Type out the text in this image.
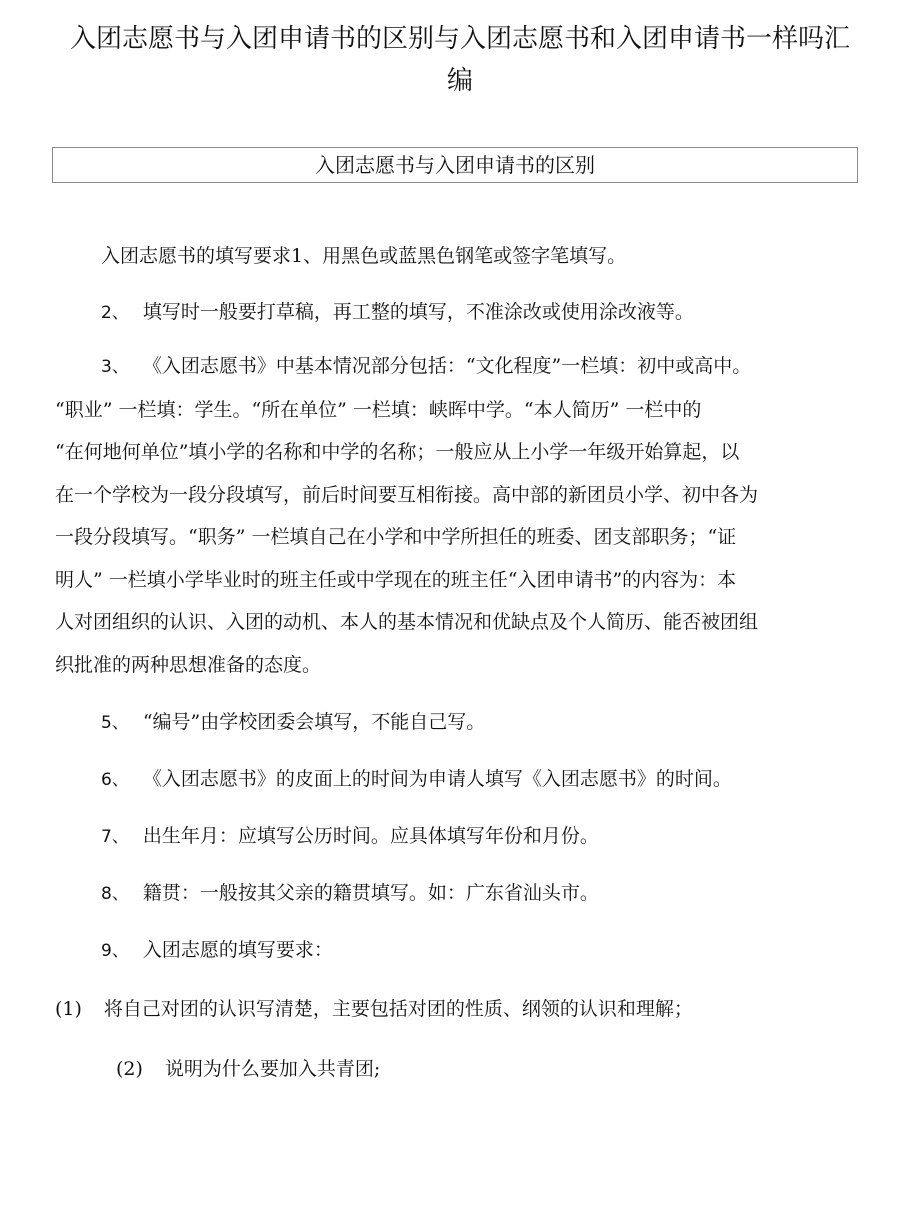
入团志愿书与入团申请书的区别与入团志愿书和入团申请书一样吗汇
编
入团志愿书与入团申请书的区别
入团志愿书的填写要求1、用黑色或蓝黑色钢笔或签字笔填写。
2、 填写时一般要打草稿，再工整的填写，不准涂改或使用涂改液等。
3、 《入团志愿书》中基本情况部分包括：“文化程度”一栏填：初中或高中。
“职业” 一栏填：学生。“所在单位” 一栏填：峡晖中学。“本人简历” 一栏中的
“在何地何单位”填小学的名称和中学的名称；一般应从上小学一年级开始算起，以
在一个学校为一段分段填写，前后时间要互相衔接。高中部的新团员小学、初中各为
一段分段填写。“职务” 一栏填自己在小学和中学所担任的班委、团支部职务；“证
明人” 一栏填小学毕业时的班主任或中学现在的班主任“入团申请书”的内容为：本
人对团组织的认识、入团的动机、本人的基本情况和优缺点及个人简历、能否被团组
织批准的两种思想准备的态度。
5、 “编号”由学校团委会填写，不能自己写。
6、 《入团志愿书》的皮面上的时间为申请人填写《入团志愿书》的时间。
7、 出生年月：应填写公历时间。应具体填写年份和月份。
8、 籍贯：一般按其父亲的籍贯填写。如：广东省汕头市。
9、 入团志愿的填写要求：
(1) 将自己对团的认识写清楚，主要包括对团的性质、纲领的认识和理解；
(2) 说明为什么要加入共青团;
